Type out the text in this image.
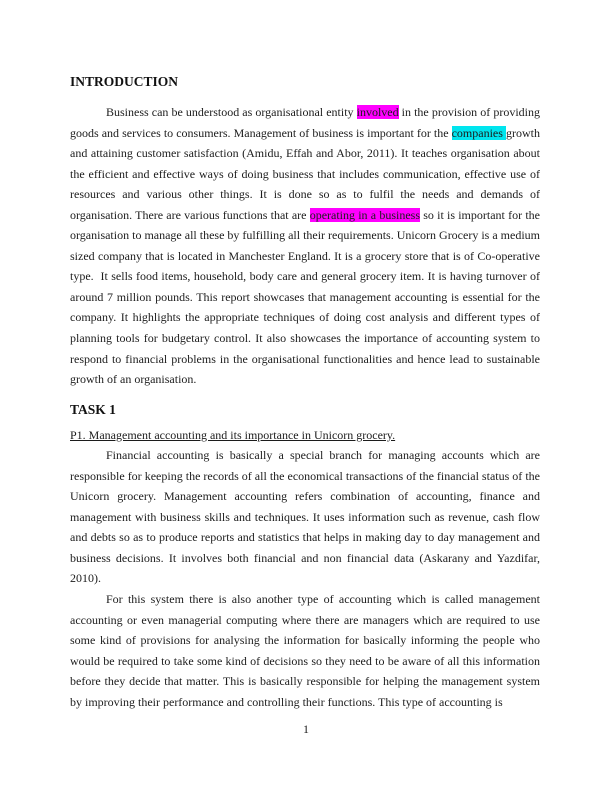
INTRODUCTION

Business can be understood as organisational entity involved in the provision of providing goods and services to consumers. Management of business is important for the companies growth and attaining customer satisfaction (Amidu, Effah and Abor, 2011). It teaches organisation about the efficient and effective ways of doing business that includes communication, effective use of resources and various other things. It is done so as to fulfil the needs and demands of organisation. There are various functions that are operating in a business so it is important for the organisation to manage all these by fulfilling all their requirements. Unicorn Grocery is a medium sized company that is located in Manchester England. It is a grocery store that is of Co-operative type.  It sells food items, household, body care and general grocery item. It is having turnover of around 7 million pounds. This report showcases that management accounting is essential for the company. It highlights the appropriate techniques of doing cost analysis and different types of planning tools for budgetary control. It also showcases the importance of accounting system to respond to financial problems in the organisational functionalities and hence lead to sustainable growth of an organisation.

TASK 1
P1. Management accounting and its importance in Unicorn grocery.

Financial accounting is basically a special branch for managing accounts which are responsible for keeping the records of all the economical transactions of the financial status of the Unicorn grocery. Management accounting refers combination of accounting, finance and management with business skills and techniques. It uses information such as revenue, cash flow and debts so as to produce reports and statistics that helps in making day to day management and business decisions. It involves both financial and non financial data (Askarany and Yazdifar, 2010).

For this system there is also another type of accounting which is called management accounting or even managerial computing where there are managers which are required to use some kind of provisions for analysing the information for basically informing the people who would be required to take some kind of decisions so they need to be aware of all this information before they decide that matter. This is basically responsible for helping the management system by improving their performance and controlling their functions. This type of accounting is

1
